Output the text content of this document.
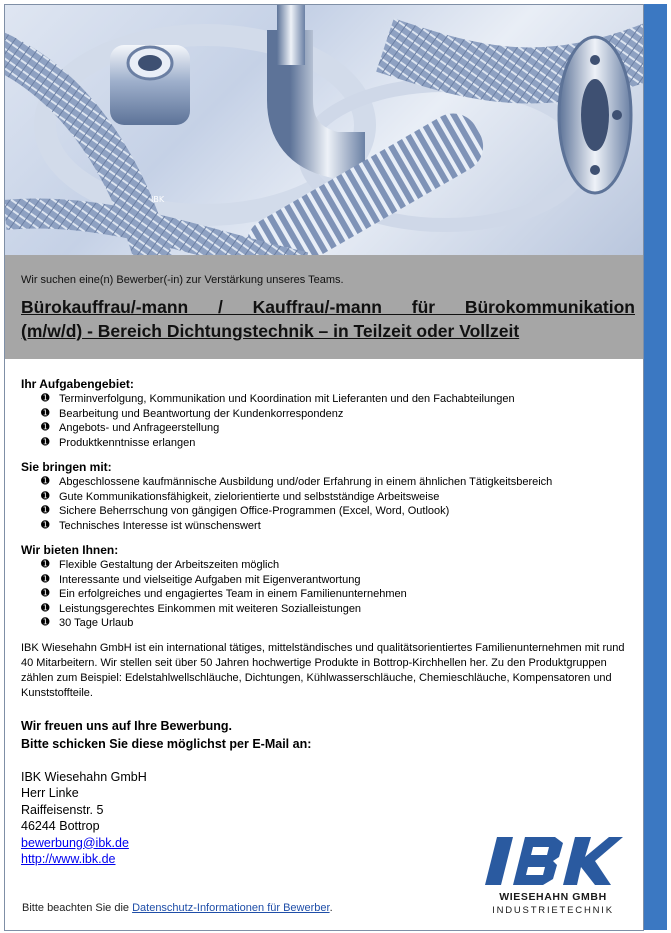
IBK
Wir suchen eine(n) Bewerber(-in) zur Verstärkung unseres Teams.
Bürokauffrau/-mann / Kauffrau/-mann für Bürokommunikation
(m/w/d) - Bereich Dichtungstechnik – in Teilzeit oder Vollzeit

Ihr Aufgabengebiet:

➊ Terminverfolgung, Kommunikation und Koordination mit Lieferanten und den Fachabteilungen
➊ Bearbeitung und Beantwortung der Kundenkorrespondenz
➊ Angebots- und Anfrageerstellung
➊ Produktkenntnisse erlangen

Sie bringen mit:

➊ Abgeschlossene kaufmännische Ausbildung und/oder Erfahrung in einem ähnlichen Tätigkeitsbereich
➊ Gute Kommunikationsfähigkeit, zielorientierte und selbstständige Arbeitsweise
➊ Sichere Beherrschung von gängigen Office-Programmen (Excel, Word, Outlook)
➊ Technisches Interesse ist wünschenswert

Wir bieten Ihnen:

➊ Flexible Gestaltung der Arbeitszeiten möglich
➊ Interessante und vielseitige Aufgaben mit Eigenverantwortung
➊ Ein erfolgreiches und engagiertes Team in einem Familienunternehmen
➊ Leistungsgerechtes Einkommen mit weiteren Sozialleistungen
➊ 30 Tage Urlaub

IBK Wiesehahn GmbH ist ein international tätiges, mittelständisches und qualitätsorientiertes Familienunternehmen mit rund 40 Mitarbeitern. Wir stellen seit über 50 Jahren hochwertige Produkte in Bottrop-Kirchhellen her. Zu den Produktgruppen zählen zum Beispiel: Edelstahlwellschläuche, Dichtungen, Kühlwasserschläuche, Chemieschläuche, Kompensatoren und Kunststoffteile.

Wir freuen uns auf Ihre Bewerbung.
Bitte schicken Sie diese möglichst per E-Mail an:
IBK Wiesehahn GmbH
Herr Linke
Raiffeisenstr. 5
46244 Bottrop
bewerbung@ibk.de
http://www.ibk.de
Bitte beachten Sie die Datenschutz-Informationen für Bewerber.
WIESEHAHN GMBH
INDUSTRIETECHNIK
